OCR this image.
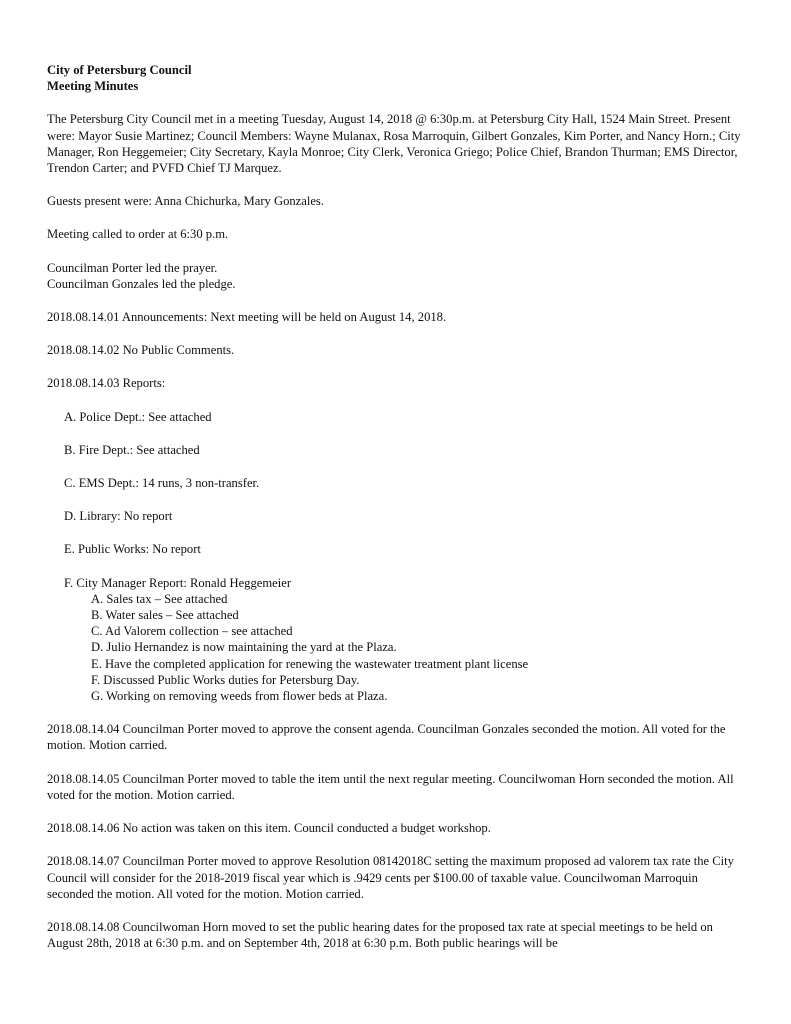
City of Petersburg Council
Meeting Minutes

The Petersburg City Council met in a meeting Tuesday, August 14, 2018 @ 6:30p.m. at Petersburg City Hall, 1524 Main Street. Present were: Mayor Susie Martinez; Council Members: Wayne Mulanax, Rosa Marroquin, Gilbert Gonzales, Kim Porter, and Nancy Horn.; City Manager, Ron Heggemeier; City Secretary, Kayla Monroe; City Clerk, Veronica Griego; Police Chief, Brandon Thurman; EMS Director, Trendon Carter; and PVFD Chief TJ Marquez.

Guests present were: Anna Chichurka, Mary Gonzales.

Meeting called to order at 6:30 p.m.

Councilman Porter led the prayer.
Councilman Gonzales led the pledge.

2018.08.14.01 Announcements: Next meeting will be held on August 14, 2018.

2018.08.14.02 No Public Comments.

2018.08.14.03 Reports:

A. Police Dept.: See attached
B. Fire Dept.: See attached
C. EMS Dept.: 14 runs, 3 non-transfer.
D. Library: No report
E. Public Works: No report
F. City Manager Report: Ronald Heggemeier
A. Sales tax – See attached
B. Water sales – See attached
C. Ad Valorem collection – see attached
D. Julio Hernandez is now maintaining the yard at the Plaza.
E. Have the completed application for renewing the wastewater treatment plant license
F. Discussed Public Works duties for Petersburg Day.
G. Working on removing weeds from flower beds at Plaza.

2018.08.14.04 Councilman Porter moved to approve the consent agenda. Councilman Gonzales seconded the motion. All voted for the motion. Motion carried.

2018.08.14.05 Councilman Porter moved to table the item until the next regular meeting. Councilwoman Horn seconded the motion. All voted for the motion. Motion carried.

2018.08.14.06 No action was taken on this item. Council conducted a budget workshop.

2018.08.14.07 Councilman Porter moved to approve Resolution 08142018C setting the maximum proposed ad valorem tax rate the City Council will consider for the 2018-2019 fiscal year which is .9429 cents per $100.00 of taxable value. Councilwoman Marroquin seconded the motion. All voted for the motion. Motion carried.

2018.08.14.08 Councilwoman Horn moved to set the public hearing dates for the proposed tax rate at special meetings to be held on August 28th, 2018 at 6:30 p.m. and on September 4th, 2018 at 6:30 p.m. Both public hearings will be
